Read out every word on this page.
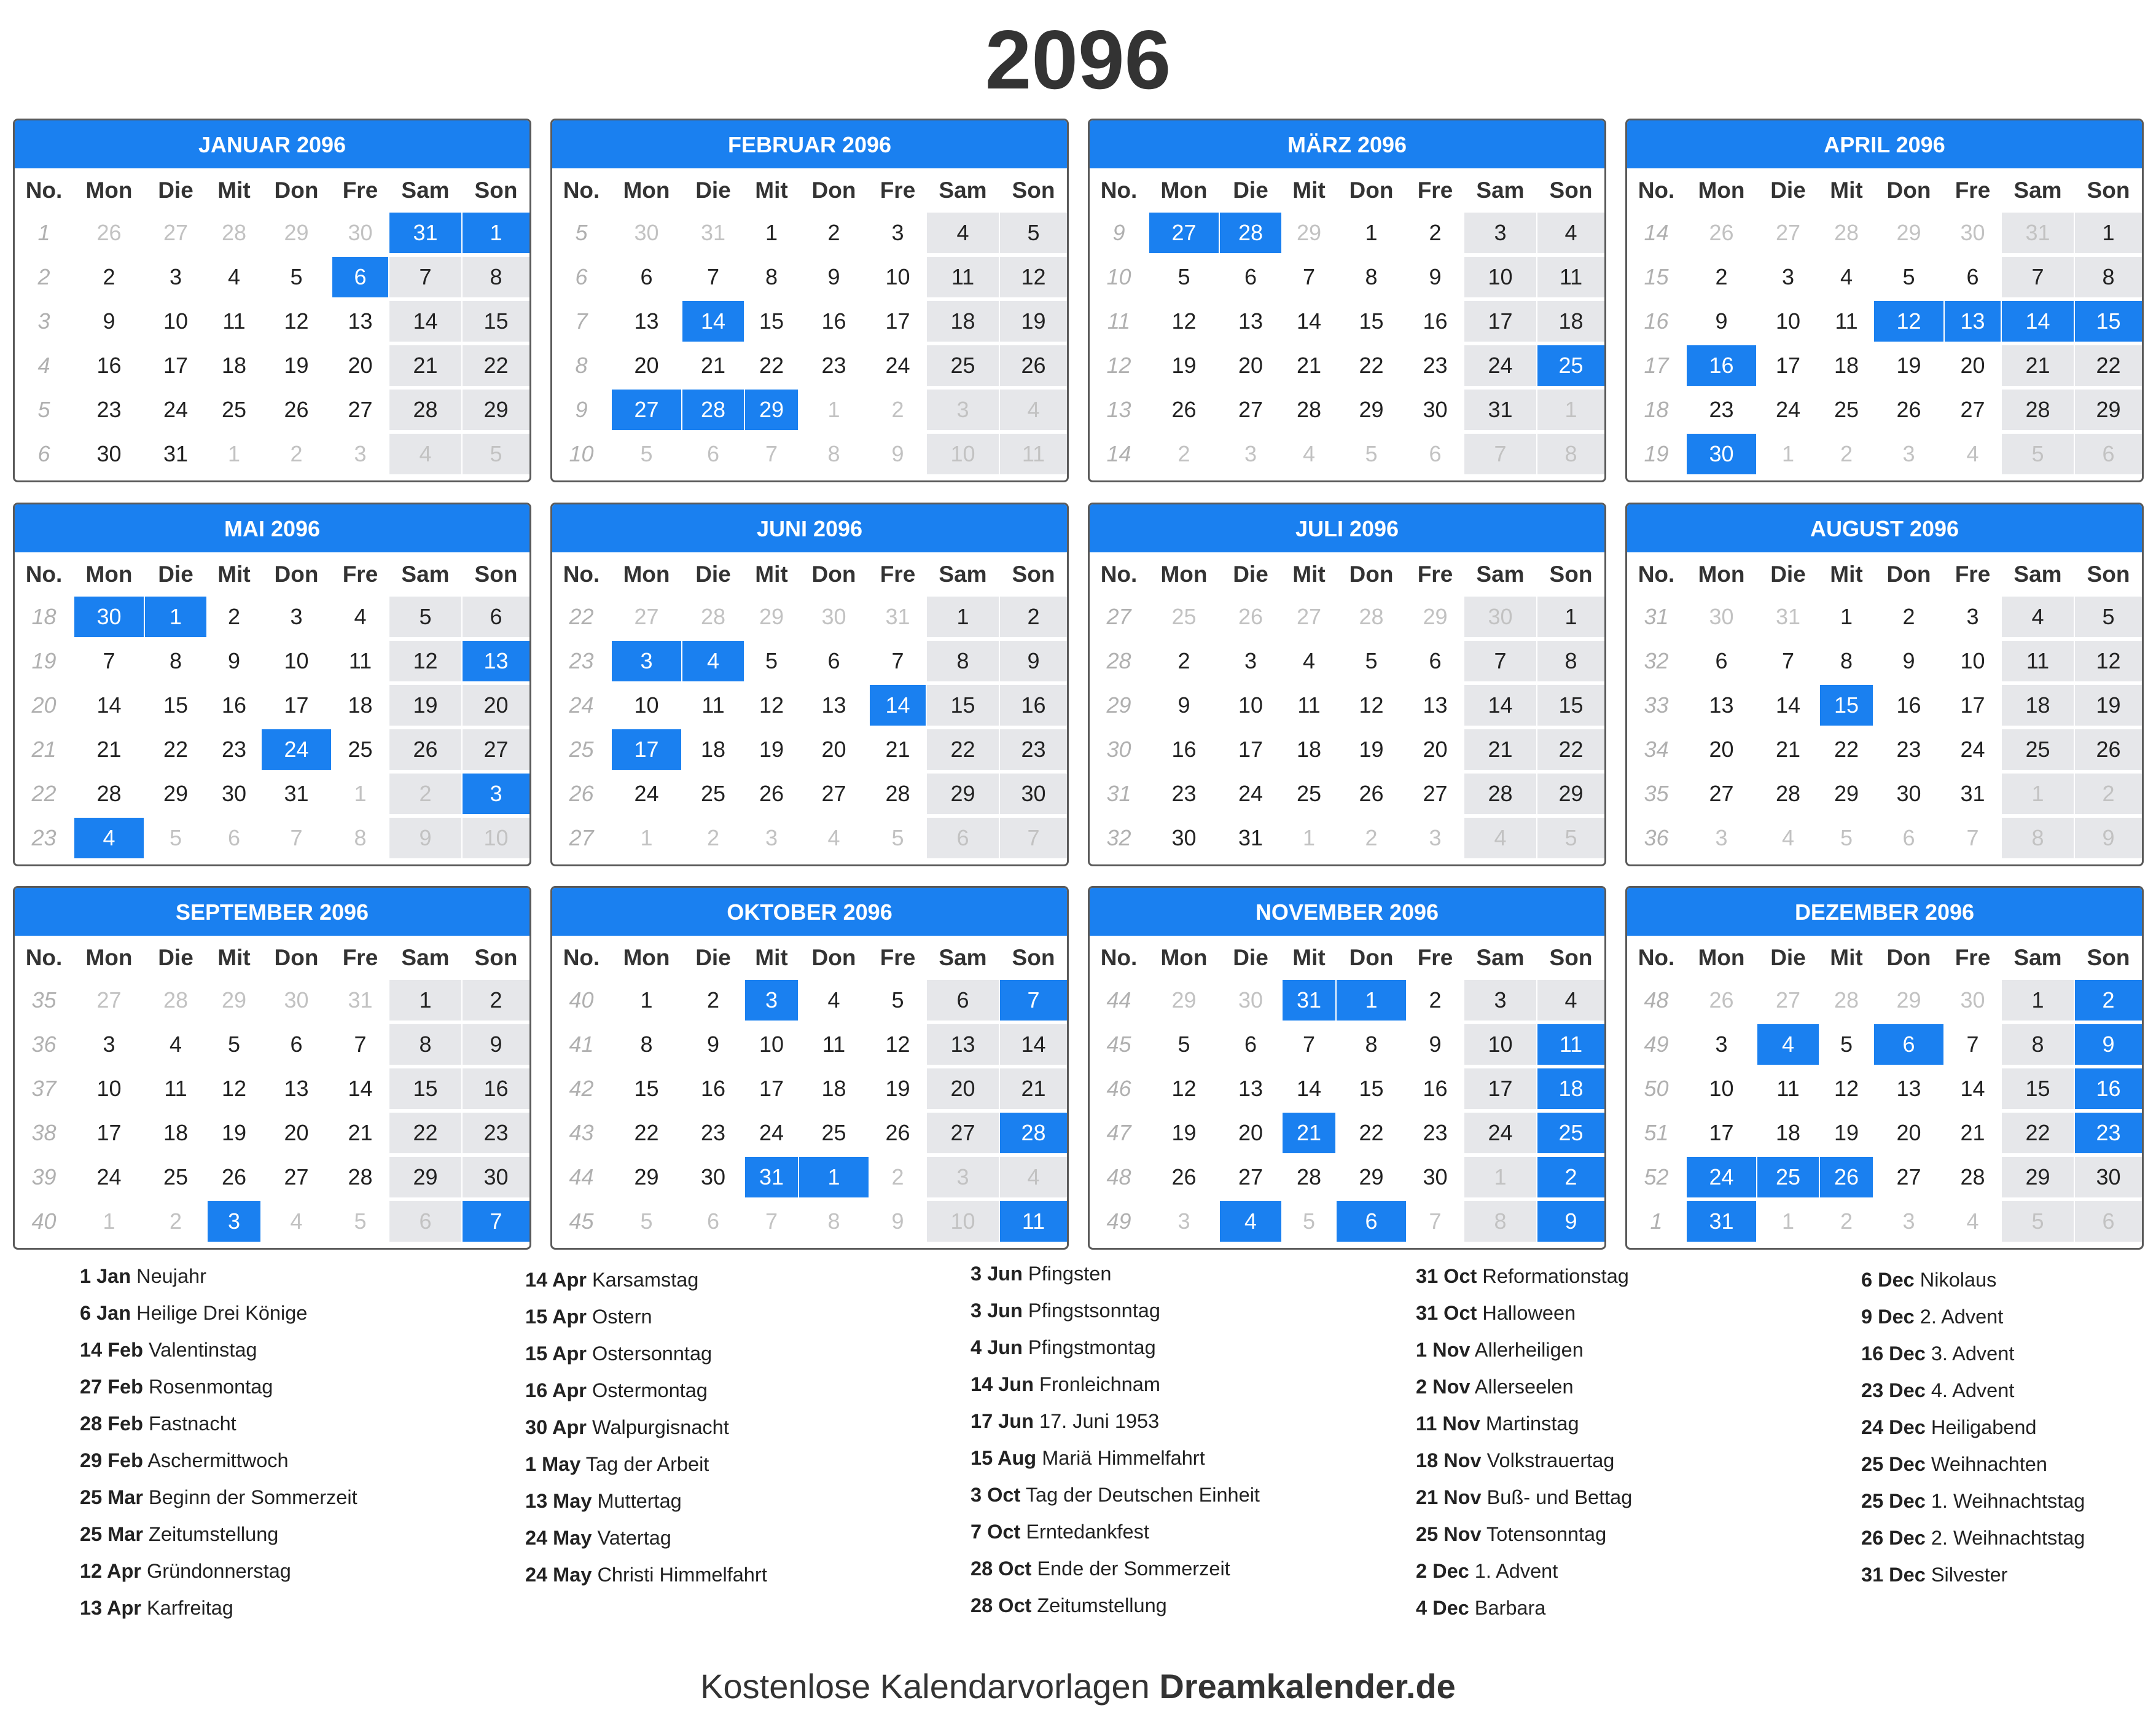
2096
JANUAR 2096
No.	Mon	Die	Mit	Don	Fre	Sam	Son
1	26	27	28	29	30	31	1
2	2	3	4	5	6	7	8
3	9	10	11	12	13	14	15
4	16	17	18	19	20	21	22
5	23	24	25	26	27	28	29
6	30	31	1	2	3	4	5
FEBRUAR 2096
No.	Mon	Die	Mit	Don	Fre	Sam	Son
5	30	31	1	2	3	4	5
6	6	7	8	9	10	11	12
7	13	14	15	16	17	18	19
8	20	21	22	23	24	25	26
9	27	28	29	1	2	3	4
10	5	6	7	8	9	10	11
MÄRZ 2096
No.	Mon	Die	Mit	Don	Fre	Sam	Son
9	27	28	29	1	2	3	4
10	5	6	7	8	9	10	11
11	12	13	14	15	16	17	18
12	19	20	21	22	23	24	25
13	26	27	28	29	30	31	1
14	2	3	4	5	6	7	8
APRIL 2096
No.	Mon	Die	Mit	Don	Fre	Sam	Son
14	26	27	28	29	30	31	1
15	2	3	4	5	6	7	8
16	9	10	11	12	13	14	15
17	16	17	18	19	20	21	22
18	23	24	25	26	27	28	29
19	30	1	2	3	4	5	6
MAI 2096
No.	Mon	Die	Mit	Don	Fre	Sam	Son
18	30	1	2	3	4	5	6
19	7	8	9	10	11	12	13
20	14	15	16	17	18	19	20
21	21	22	23	24	25	26	27
22	28	29	30	31	1	2	3
23	4	5	6	7	8	9	10
JUNI 2096
No.	Mon	Die	Mit	Don	Fre	Sam	Son
22	27	28	29	30	31	1	2
23	3	4	5	6	7	8	9
24	10	11	12	13	14	15	16
25	17	18	19	20	21	22	23
26	24	25	26	27	28	29	30
27	1	2	3	4	5	6	7
JULI 2096
No.	Mon	Die	Mit	Don	Fre	Sam	Son
27	25	26	27	28	29	30	1
28	2	3	4	5	6	7	8
29	9	10	11	12	13	14	15
30	16	17	18	19	20	21	22
31	23	24	25	26	27	28	29
32	30	31	1	2	3	4	5
AUGUST 2096
No.	Mon	Die	Mit	Don	Fre	Sam	Son
31	30	31	1	2	3	4	5
32	6	7	8	9	10	11	12
33	13	14	15	16	17	18	19
34	20	21	22	23	24	25	26
35	27	28	29	30	31	1	2
36	3	4	5	6	7	8	9
SEPTEMBER 2096
No.	Mon	Die	Mit	Don	Fre	Sam	Son
35	27	28	29	30	31	1	2
36	3	4	5	6	7	8	9
37	10	11	12	13	14	15	16
38	17	18	19	20	21	22	23
39	24	25	26	27	28	29	30
40	1	2	3	4	5	6	7
OKTOBER 2096
No.	Mon	Die	Mit	Don	Fre	Sam	Son
40	1	2	3	4	5	6	7
41	8	9	10	11	12	13	14
42	15	16	17	18	19	20	21
43	22	23	24	25	26	27	28
44	29	30	31	1	2	3	4
45	5	6	7	8	9	10	11
NOVEMBER 2096
No.	Mon	Die	Mit	Don	Fre	Sam	Son
44	29	30	31	1	2	3	4
45	5	6	7	8	9	10	11
46	12	13	14	15	16	17	18
47	19	20	21	22	23	24	25
48	26	27	28	29	30	1	2
49	3	4	5	6	7	8	9
DEZEMBER 2096
No.	Mon	Die	Mit	Don	Fre	Sam	Son
48	26	27	28	29	30	1	2
49	3	4	5	6	7	8	9
50	10	11	12	13	14	15	16
51	17	18	19	20	21	22	23
52	24	25	26	27	28	29	30
1	31	1	2	3	4	5	6
1 Jan Neujahr
6 Jan Heilige Drei Könige
14 Feb Valentinstag
27 Feb Rosenmontag
28 Feb Fastnacht
29 Feb Aschermittwoch
25 Mar Beginn der Sommerzeit
25 Mar Zeitumstellung
12 Apr Gründonnerstag
13 Apr Karfreitag
14 Apr Karsamstag
15 Apr Ostern
15 Apr Ostersonntag
16 Apr Ostermontag
30 Apr Walpurgisnacht
1 May Tag der Arbeit
13 May Muttertag
24 May Vatertag
24 May Christi Himmelfahrt
3 Jun Pfingsten
3 Jun Pfingstsonntag
4 Jun Pfingstmontag
14 Jun Fronleichnam
17 Jun 17. Juni 1953
15 Aug Mariä Himmelfahrt
3 Oct Tag der Deutschen Einheit
7 Oct Erntedankfest
28 Oct Ende der Sommerzeit
28 Oct Zeitumstellung
31 Oct Reformationstag
31 Oct Halloween
1 Nov Allerheiligen
2 Nov Allerseelen
11 Nov Martinstag
18 Nov Volkstrauertag
21 Nov Buß- und Bettag
25 Nov Totensonntag
2 Dec 1. Advent
4 Dec Barbara
6 Dec Nikolaus
9 Dec 2. Advent
16 Dec 3. Advent
23 Dec 4. Advent
24 Dec Heiligabend
25 Dec Weihnachten
25 Dec 1. Weihnachtstag
26 Dec 2. Weihnachtstag
31 Dec Silvester
Kostenlose Kalendarvorlagen Dreamkalender.de
